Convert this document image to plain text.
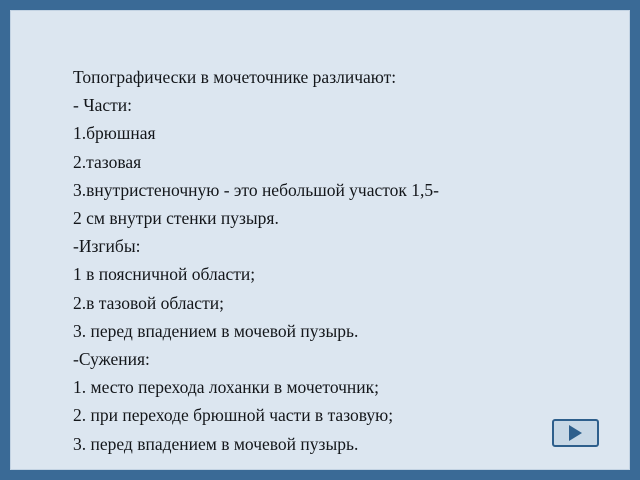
Топографически в мочеточнике различают:

- Части:

1.брюшная

2.тазовая

3.внутристеночную - это небольшой участок 1,5-

2 см внутри стенки пузыря.

-Изгибы:

1 в поясничной области;

2.в тазовой области;

3. перед впадением в мочевой пузырь.

-Сужения:

1. место перехода лоханки в мочеточник;

2. при переходе брюшной части в тазовую;

3. перед впадением в мочевой пузырь.
